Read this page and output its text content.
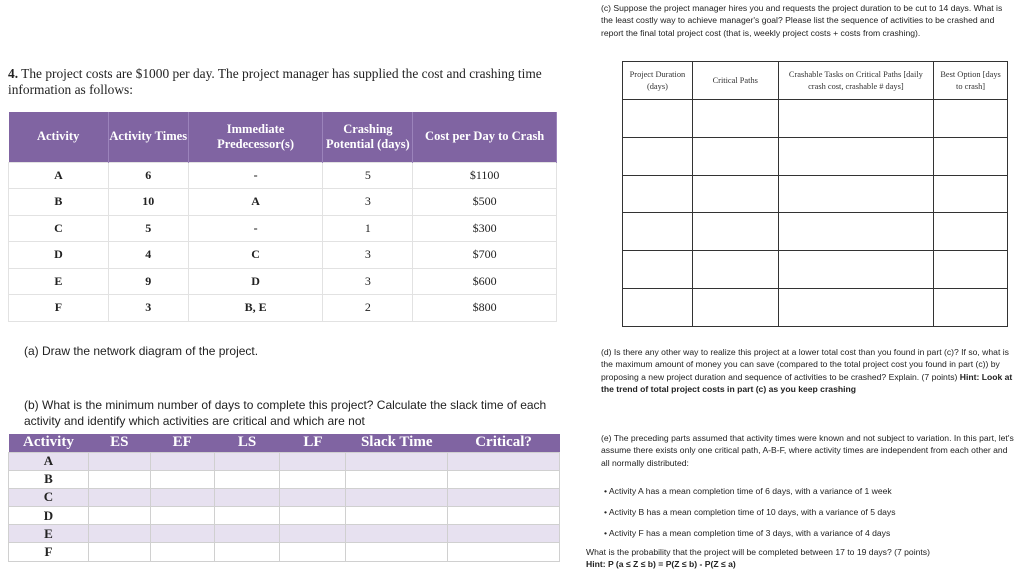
4. The project costs are $1000 per day. The project manager has supplied the cost and crashing time information as follows:
Activity	Activity Times	Immediate Predecessor(s)	Crashing Potential (days)	Cost per Day to Crash
A	6	-	5	$1100
B	10	A	3	$500
C	5	-	1	$300
D	4	C	3	$700
E	9	D	3	$600
F	3	B, E	2	$800
(a) Draw the network diagram of the project.
(b) What is the minimum number of days to complete this project? Calculate the slack time of each activity and identify which activities are critical and which are not
Activity	ES	EF	LS	LF	Slack Time	Critical?
A						
B						
C						
D						
E						
F						
(c) Suppose the project manager hires you and requests the project duration to be cut to 14 days. What is the least costly way to achieve manager's goal? Please list the sequence of activities to be crashed and report the final total project cost (that is, weekly project costs + costs from crashing).
Project Duration (days)	Critical Paths	Crashable Tasks on Critical Paths [daily crash cost, crashable # days]	Best Option [days to crash]

(d) Is there any other way to realize this project at a lower total cost than you found in part (c)? If so, what is the maximum amount of money you can save (compared to the total project cost you found in part (c)) by proposing a new project duration and sequence of activities to be crashed? Explain. (7 points) Hint: Look at the trend of total project costs in part (c) as you keep crashing
(e) The preceding parts assumed that activity times were known and not subject to variation. In this part, let's assume there exists only one critical path, A-B-F, where activity times are independent from each other and all normally distributed:
• Activity A has a mean completion time of 6 days, with a variance of 1 week
• Activity B has a mean completion time of 10 days, with a variance of 5 days
• Activity F has a mean completion time of 3 days, with a variance of 4 days
What is the probability that the project will be completed between 17 to 19 days? (7 points)
Hint: P (a ≤ Z ≤ b) = P(Z ≤ b) - P(Z ≤ a)
